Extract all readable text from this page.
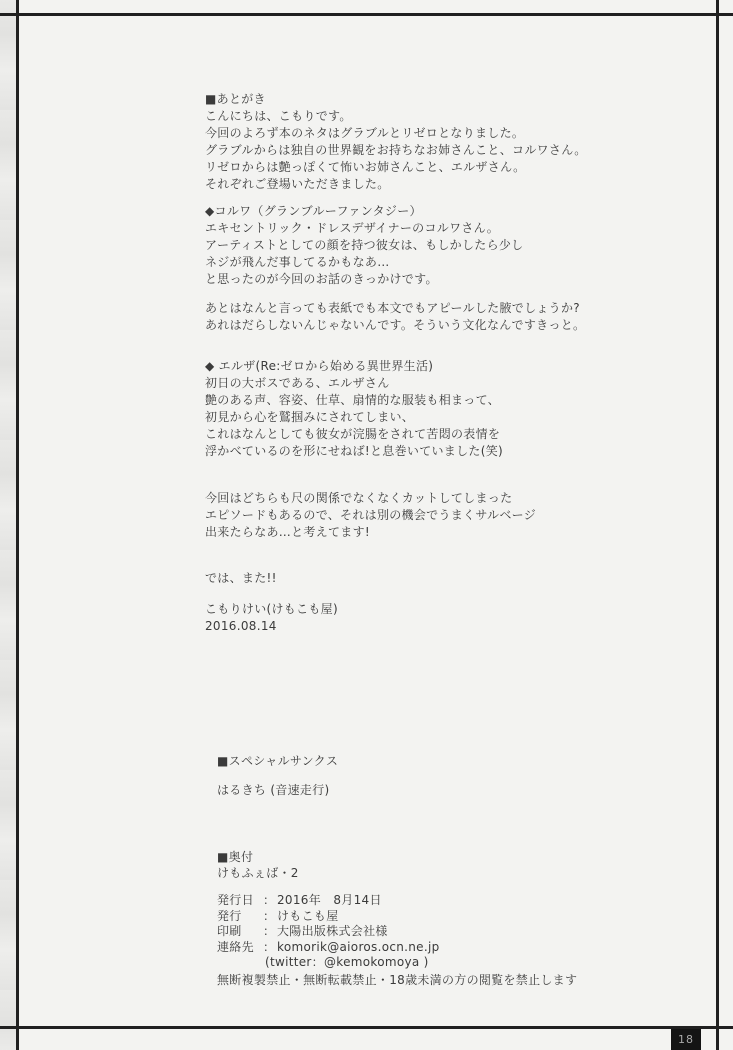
■あとがき
こんにちは、こもりです。
今回のよろず本のネタはグラブルとリゼロとなりました。
グラブルからは独自の世界観をお持ちなお姉さんこと、コルワさん。
リゼロからは艶っぽくて怖いお姉さんこと、エルザさん。
それぞれご登場いただきました。
◆コルワ（グランブルーファンタジー）
エキセントリック・ドレスデザイナーのコルワさん。
アーティストとしての顔を持つ彼女は、もしかしたら少し
ネジが飛んだ事してるかもなあ…
と思ったのが今回のお話のきっかけです。
あとはなんと言っても表紙でも本文でもアピールした腋でしょうか?
あれはだらしないんじゃないんです。そういう文化なんですきっと。
◆ エルザ(Re:ゼロから始める異世界生活)
初日の大ボスである、エルザさん
艶のある声、容姿、仕草、扇情的な服装も相まって、
初見から心を鷲掴みにされてしまい、
これはなんとしても彼女が浣腸をされて苦悶の表情を
浮かべているのを形にせねば!と息巻いていました(笑)
今回はどちらも尺の関係でなくなくカットしてしまった
エピソードもあるので、それは別の機会でうまくサルベージ
出来たらなあ…と考えてます!
では、また!!
こもりけい(けもこも屋)
2016.08.14
■スペシャルサンクス
はるきち (音速走行)
■奥付
けもふぇば・2
発行日 ： 2016年　8月14日
発行	： けもこも屋
印刷	： 大陽出版株式会社様
連絡先 ： komorik@aioros.ocn.ne.jp
(twitter：@kemokomoya )
無断複製禁止・無断転載禁止・18歳未満の方の閲覧を禁止します
18
